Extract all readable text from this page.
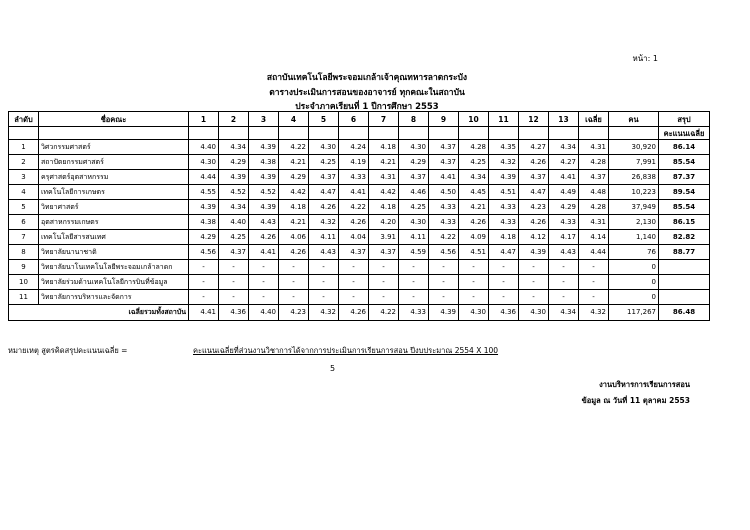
หน้า: 1
สถาบันเทคโนโลยีพระจอมเกล้าเจ้าคุณทหารลาดกระบัง
ตารางประเมินการสอนของอาจารย์ ทุกคณะในสถาบัน
ประจำภาคเรียนที่ 1 ปีการศึกษา 2553
ลำดับ	ชื่อคณะ	1	2	3	4	5	6	7	8	9	10	11	12	13	เฉลี่ย	คน	สรุป
																	คะแนนเฉลี่ย
1	วิศวกรรมศาสตร์	4.40	4.34	4.39	4.22	4.30	4.24	4.18	4.30	4.37	4.28	4.35	4.27	4.34	4.31	30,920	86.14
2	สถาปัตยกรรมศาสตร์	4.30	4.29	4.38	4.21	4.25	4.19	4.21	4.29	4.37	4.25	4.32	4.26	4.27	4.28	7,991	85.54
3	ครุศาสตร์อุตสาหกรรม	4.44	4.39	4.39	4.29	4.37	4.33	4.31	4.37	4.41	4.34	4.39	4.37	4.41	4.37	26,838	87.37
4	เทคโนโลยีการเกษตร	4.55	4.52	4.52	4.42	4.47	4.41	4.42	4.46	4.50	4.45	4.51	4.47	4.49	4.48	10,223	89.54
5	วิทยาศาสตร์	4.39	4.34	4.39	4.18	4.26	4.22	4.18	4.25	4.33	4.21	4.33	4.23	4.29	4.28	37,949	85.54
6	อุตสาหกรรมเกษตร	4.38	4.40	4.43	4.21	4.32	4.26	4.20	4.30	4.33	4.26	4.33	4.26	4.33	4.31	2,130	86.15
7	เทคโนโลยีสารสนเทศ	4.29	4.25	4.26	4.06	4.11	4.04	3.91	4.11	4.22	4.09	4.18	4.12	4.17	4.14	1,140	82.82
8	วิทยาลัยนานาชาติ	4.56	4.37	4.41	4.26	4.43	4.37	4.37	4.59	4.56	4.51	4.47	4.39	4.43	4.44	76	88.77
9	วิทยาลัยนาโนเทคโนโลยีพระจอมเกล้าลาดก	-	-	-	-	-	-	-	-	-	-	-	-	-	-	0	
10	วิทยาลัยร่วมด้านเทคโนโลยีการบินที่ข้อมูล	-	-	-	-	-	-	-	-	-	-	-	-	-	-	0	
11	วิทยาลัยการบริหารและจัดการ	-	-	-	-	-	-	-	-	-	-	-	-	-	-	0	
เฉลี่ยรวมทั้งสถาบัน		4.41	4.36	4.40	4.23	4.32	4.26	4.22	4.33	4.39	4.30	4.36	4.30	4.34	4.32	117,267	86.48
หมายเหตุ สูตรคิดสรุปคะแนนเฉลี่ย =	คะแนนเฉลี่ยที่ส่วนงานวิชาการได้จากการประเมินการเรียนการสอน ปีงบประมาณ 2554 X 100
5
งานบริหารการเรียนการสอน
ข้อมูล ณ วันที่ 11 ตุลาคม 2553
